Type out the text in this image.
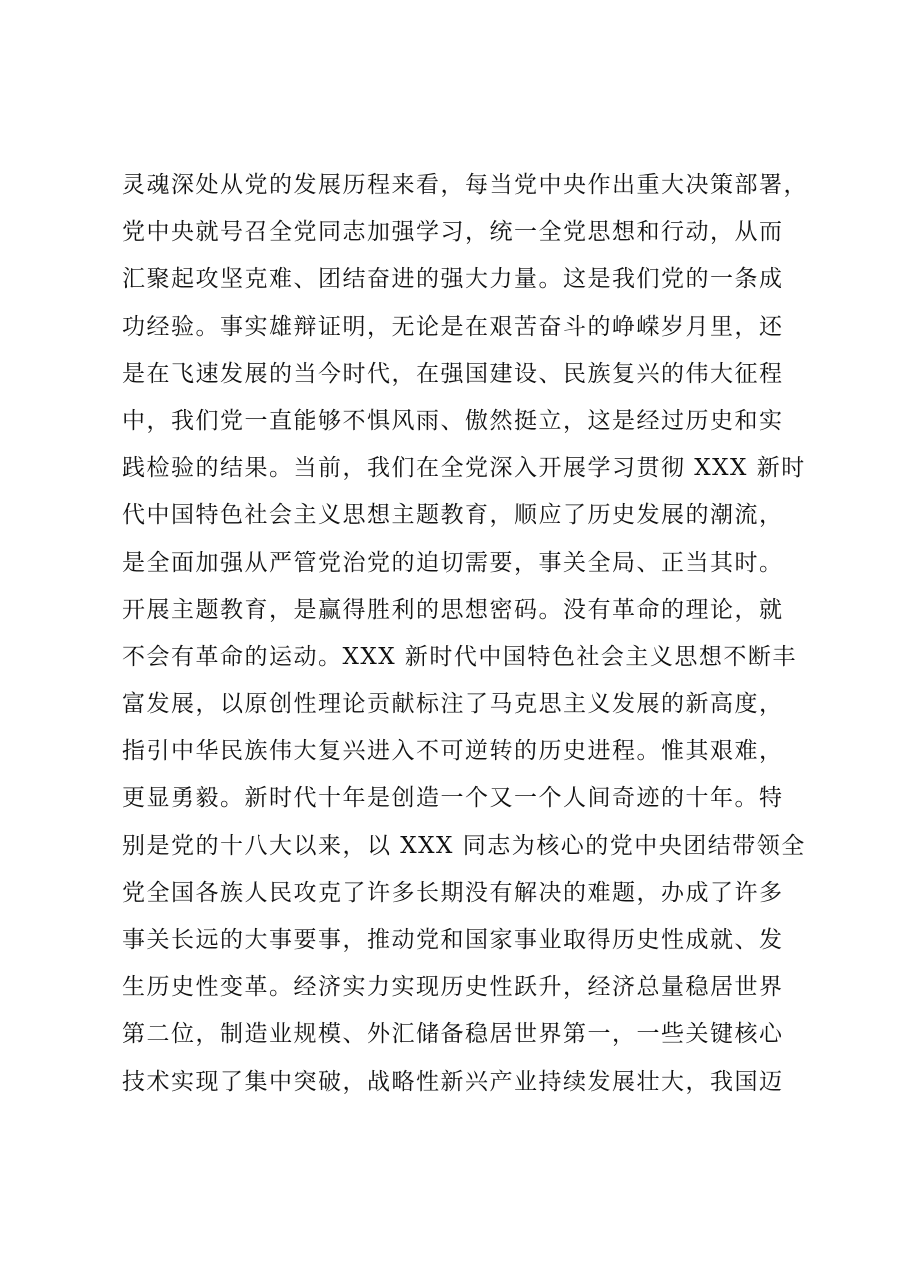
灵魂深处从党的发展历程来看，每当党中央作出重大决策部署，
党中央就号召全党同志加强学习，统一全党思想和行动，从而
汇聚起攻坚克难、团结奋进的强大力量。这是我们党的一条成
功经验。事实雄辩证明，无论是在艰苦奋斗的峥嵘岁月里，还
是在飞速发展的当今时代，在强国建设、民族复兴的伟大征程
中，我们党一直能够不惧风雨、傲然挺立，这是经过历史和实
践检验的结果。当前，我们在全党深入开展学习贯彻 XXX 新时
代中国特色社会主义思想主题教育，顺应了历史发展的潮流，
是全面加强从严管党治党的迫切需要，事关全局、正当其时。
开展主题教育，是赢得胜利的思想密码。没有革命的理论，就
不会有革命的运动。XXX 新时代中国特色社会主义思想不断丰
富发展，以原创性理论贡献标注了马克思主义发展的新高度，
指引中华民族伟大复兴进入不可逆转的历史进程。惟其艰难，
更显勇毅。新时代十年是创造一个又一个人间奇迹的十年。特
别是党的十八大以来，以 XXX 同志为核心的党中央团结带领全
党全国各族人民攻克了许多长期没有解决的难题，办成了许多
事关长远的大事要事，推动党和国家事业取得历史性成就、发
生历史性变革。经济实力实现历史性跃升，经济总量稳居世界
第二位，制造业规模、外汇储备稳居世界第一，一些关键核心
技术实现了集中突破，战略性新兴产业持续发展壮大，我国迈
